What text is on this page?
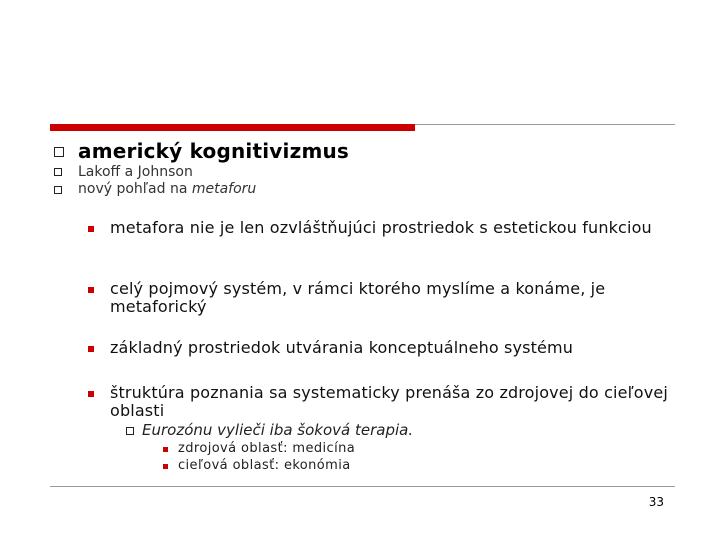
americký kognitivizmus
Lakoff a Johnson
nový pohľad na metaforu
metafora nie je len ozvláštňujúci prostriedok s estetickou funkciou
celý pojmový systém, v rámci ktorého myslíme a konáme, je metaforický
základný prostriedok utvárania konceptuálneho systému
štruktúra poznania sa systematicky prenáša zo zdrojovej do cieľovej oblasti
Eurozónu vylieči iba šoková terapia.
zdrojová oblasť: medicína
cieľová oblasť: ekonómia
33
